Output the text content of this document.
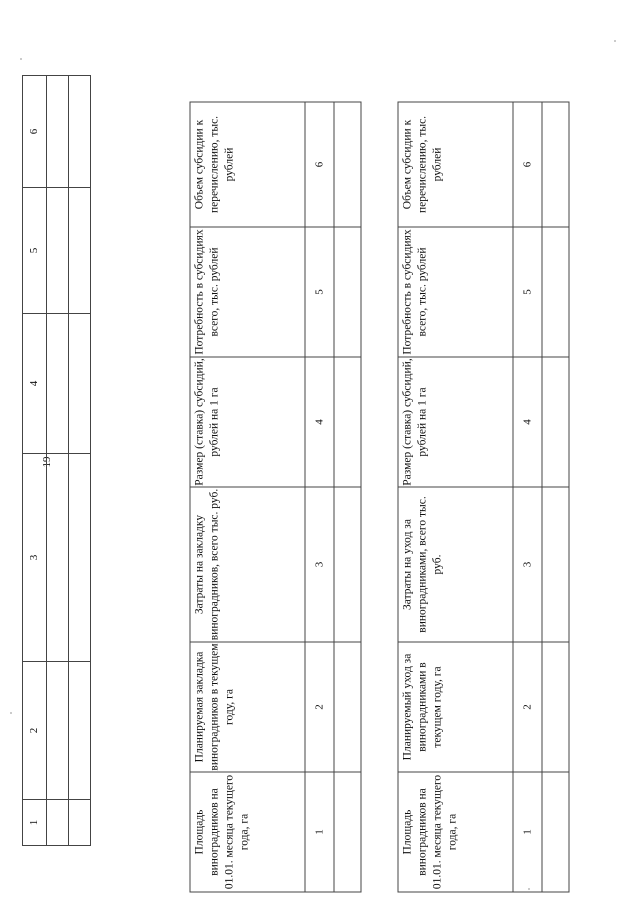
19
1	2	3	4	5	6

Площадь виноградников на 01.01. месяца текущего года, га	Планируемая закладка виноградников в текущем году, га	Затраты на закладку виноградников, всего тыс. руб.	Размер (ставка) субсидий, рублей на 1 га	Потребность в субсидиях всего, тыс. рублей	Объем субсидии к перечислению, тыс. рублей
1	2	3	4	5	6

Площадь виноградников на 01.01. месяца текущего года, га	Планируемый уход за виноградниками в текущем году, га	Затраты на уход за виноградниками, всего тыс. руб.	Размер (ставка) субсидий, рублей на 1 га	Потребность в субсидиях всего, тыс. рублей	Объем субсидии к перечислению, тыс. рублей
1	2	3	4	5	6
